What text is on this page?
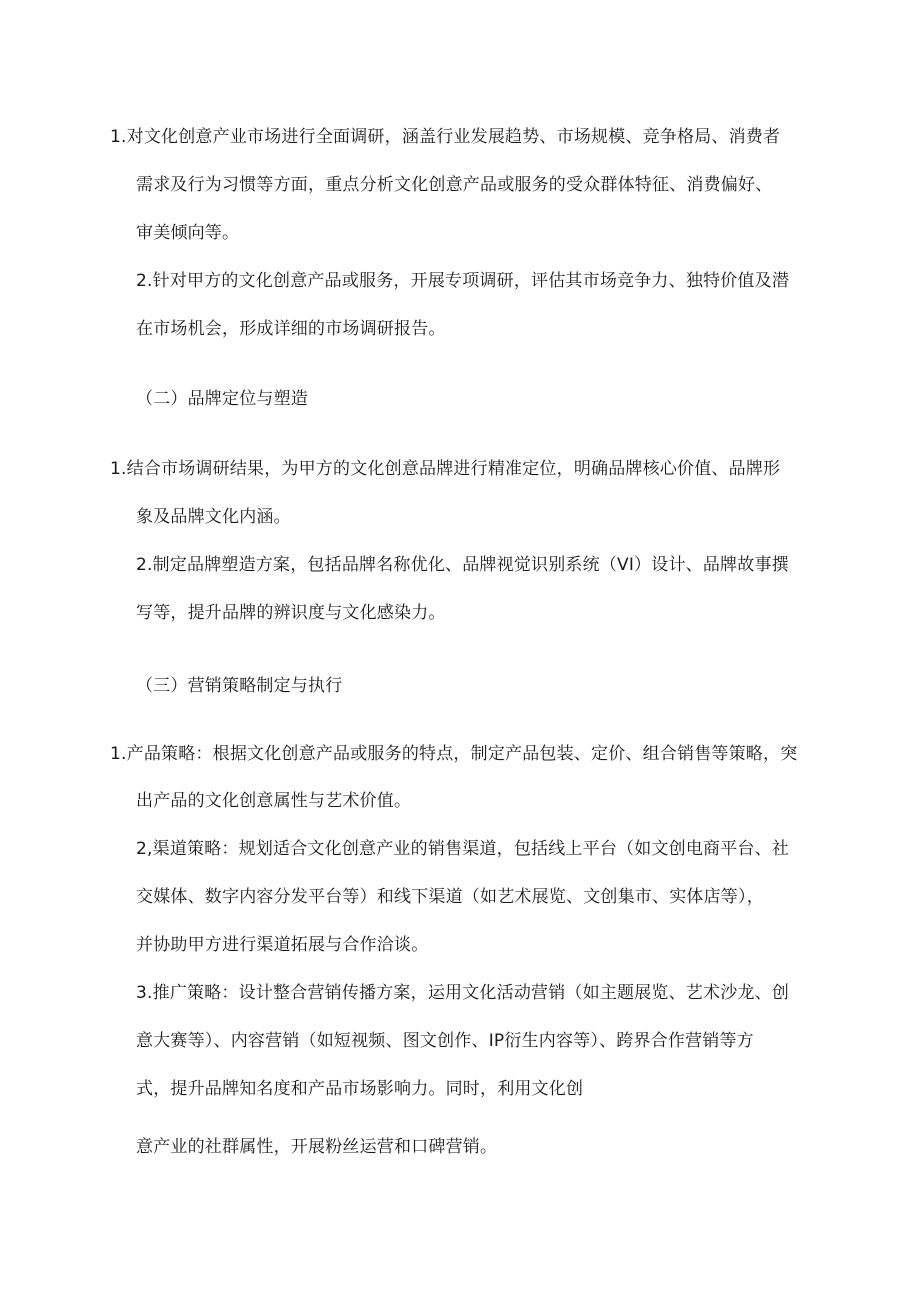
1.对文化创意产业市场进行全面调研，涵盖行业发展趋势、市场规模、竞争格局、消费者
需求及行为习惯等方面，重点分析文化创意产品或服务的受众群体特征、消费偏好、
审美倾向等。
2.针对甲方的文化创意产品或服务，开展专项调研，评估其市场竞争力、独特价值及潜
在市场机会，形成详细的市场调研报告。
（二）品牌定位与塑造
1.结合市场调研结果，为甲方的文化创意品牌进行精准定位，明确品牌核心价值、品牌形
象及品牌文化内涵。
2.制定品牌塑造方案，包括品牌名称优化、品牌视觉识别系统（VI）设计、品牌故事撰
写等，提升品牌的辨识度与文化感染力。
（三）营销策略制定与执行
1.产品策略：根据文化创意产品或服务的特点，制定产品包装、定价、组合销售等策略，突
出产品的文化创意属性与艺术价值。
2,渠道策略：规划适合文化创意产业的销售渠道，包括线上平台（如文创电商平台、社
交媒体、数字内容分发平台等）和线下渠道（如艺术展览、文创集市、实体店等），
并协助甲方进行渠道拓展与合作洽谈。
3.推广策略：设计整合营销传播方案，运用文化活动营销（如主题展览、艺术沙龙、创
意大赛等）、内容营销（如短视频、图文创作、IP衍生内容等）、跨界合作营销等方
式，提升品牌知名度和产品市场影响力。同时，利用文化创
意产业的社群属性，开展粉丝运营和口碑营销。
